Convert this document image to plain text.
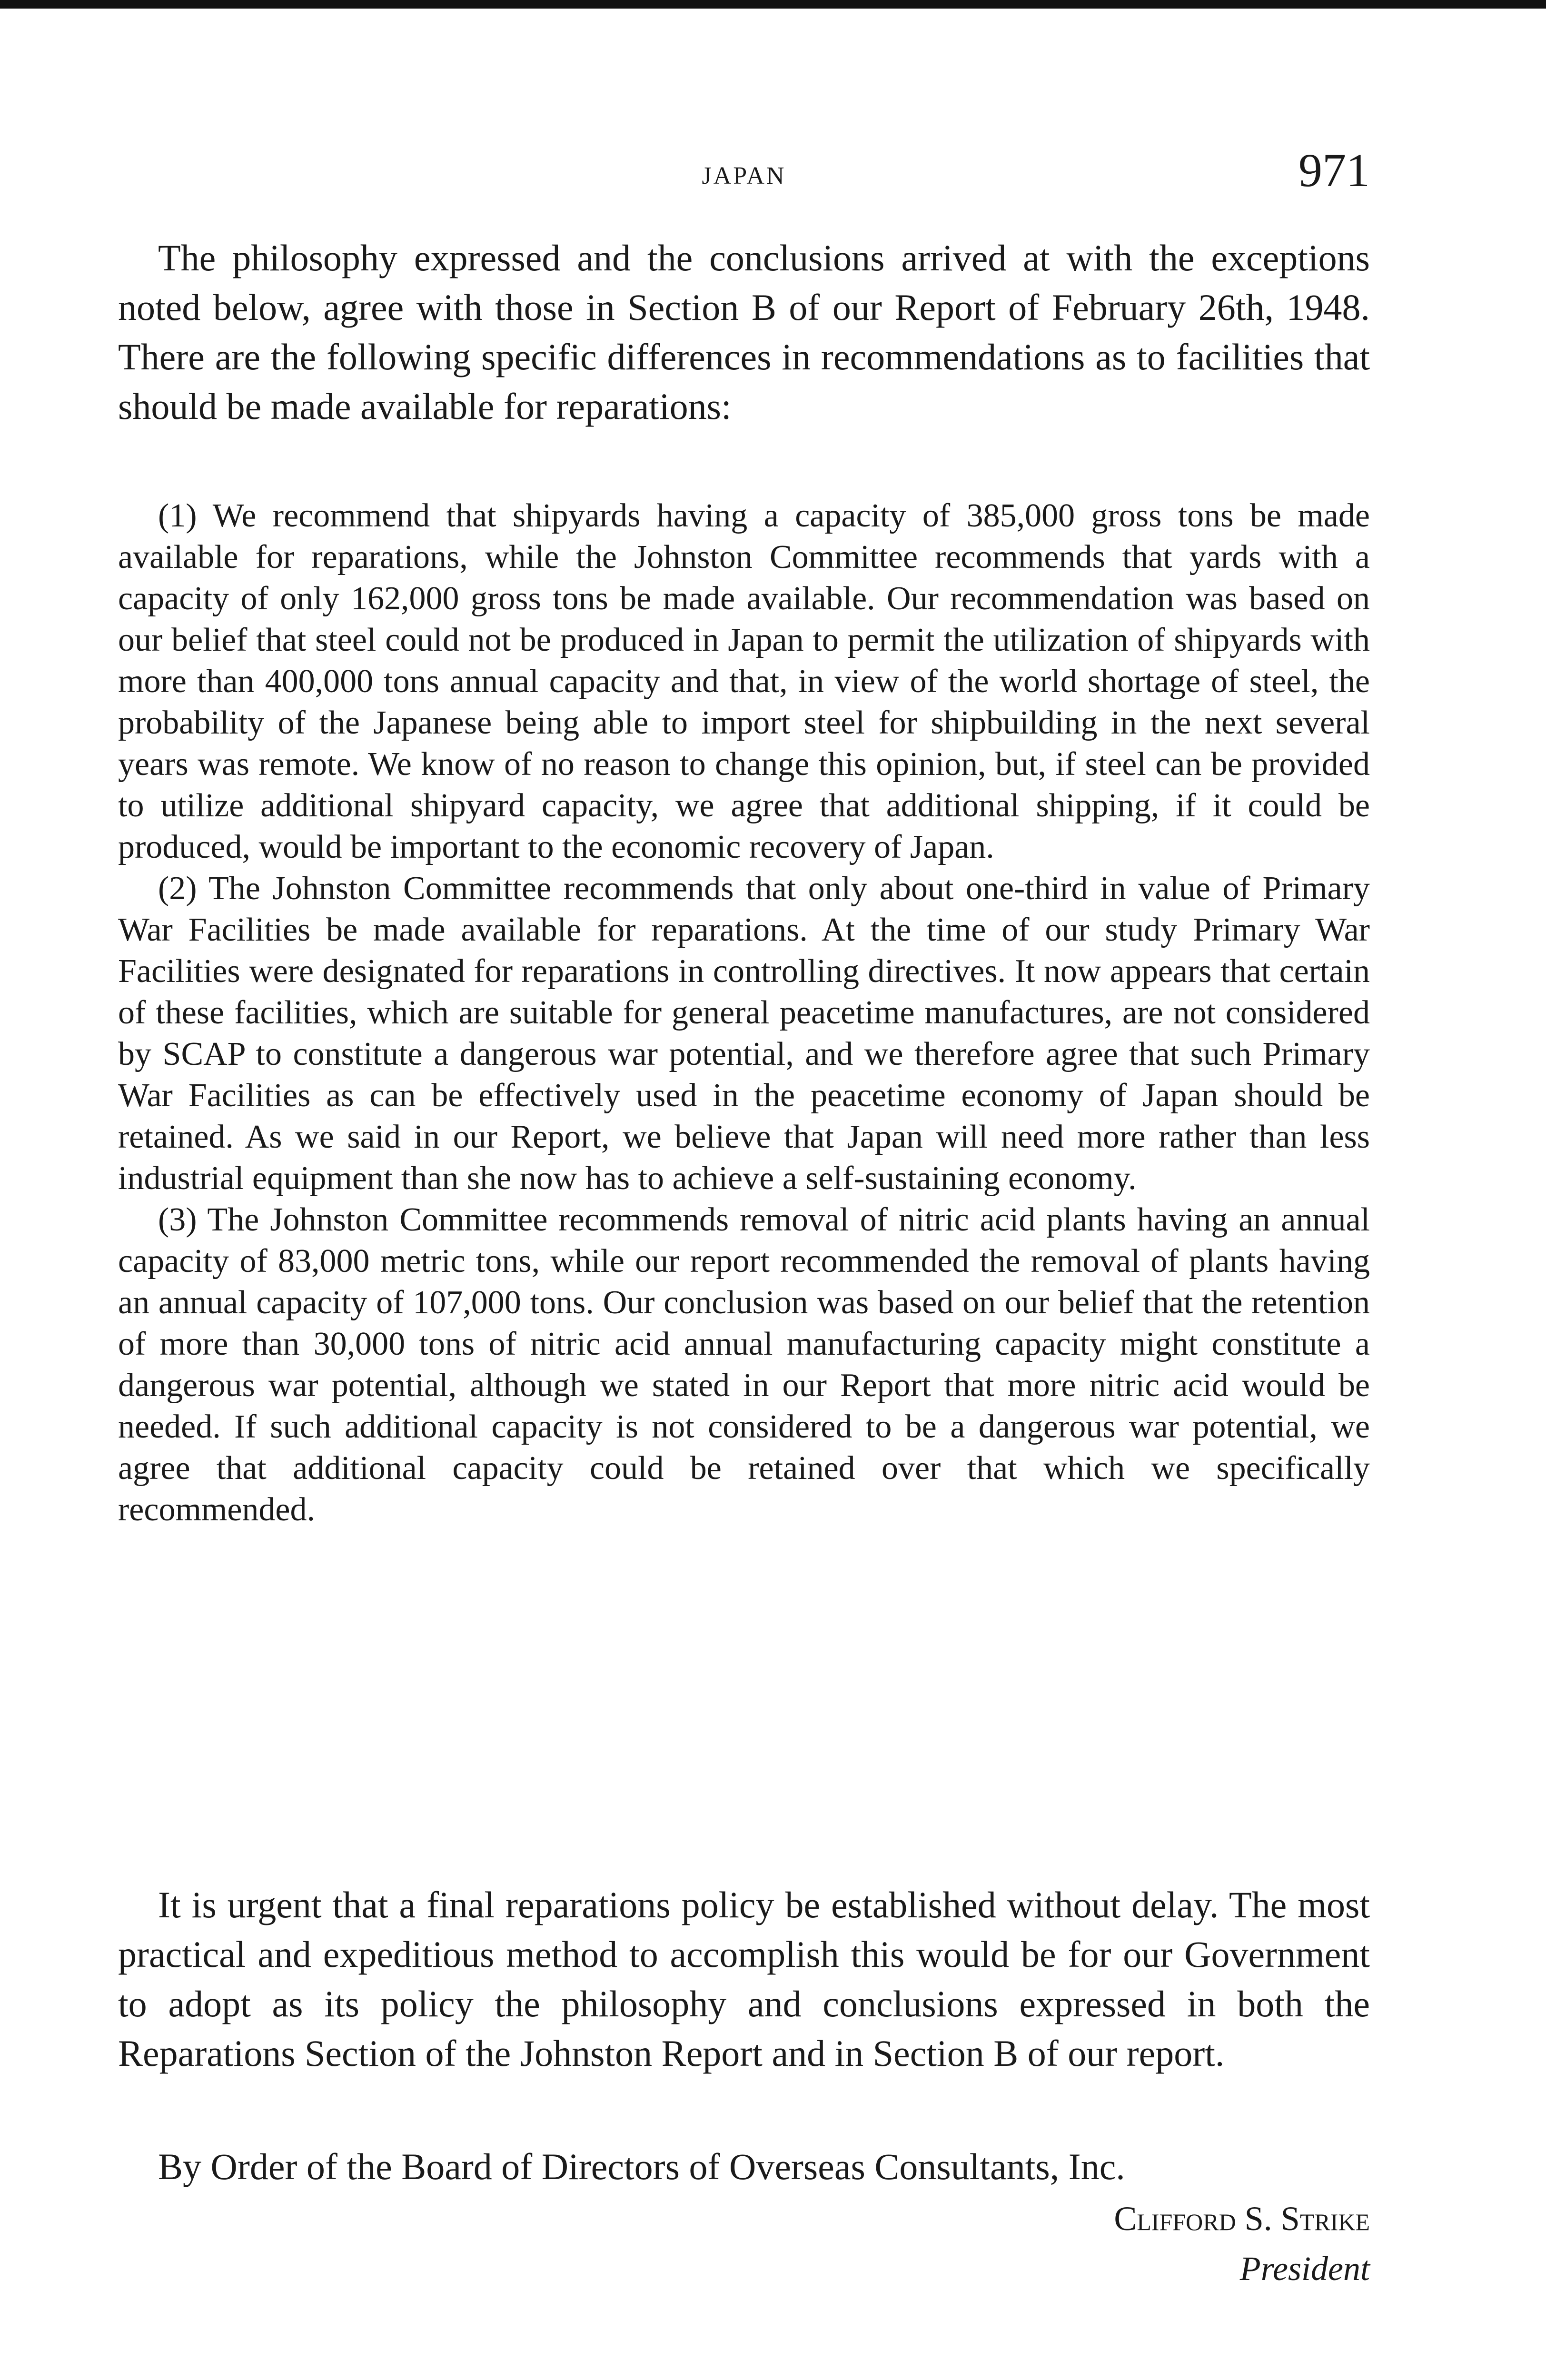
JAPAN	971

The philosophy expressed and the conclusions arrived at with the exceptions noted below, agree with those in Section B of our Report of February 26th, 1948. There are the following specific differences in recommendations as to facilities that should be made available for reparations:

(1) We recommend that shipyards having a capacity of 385,000 gross tons be made available for reparations, while the Johnston Committee recommends that yards with a capacity of only 162,000 gross tons be made available. Our recommendation was based on our belief that steel could not be produced in Japan to permit the utilization of shipyards with more than 400,000 tons annual capacity and that, in view of the world shortage of steel, the probability of the Japanese being able to import steel for shipbuilding in the next several years was remote. We know of no reason to change this opinion, but, if steel can be provided to utilize additional shipyard capacity, we agree that additional shipping, if it could be produced, would be important to the economic recovery of Japan.

(2) The Johnston Committee recommends that only about one-third in value of Primary War Facilities be made available for reparations. At the time of our study Primary War Facilities were designated for reparations in controlling directives. It now appears that certain of these facilities, which are suitable for general peacetime manufactures, are not considered by SCAP to constitute a dangerous war potential, and we therefore agree that such Primary War Facilities as can be effectively used in the peacetime economy of Japan should be retained. As we said in our Report, we believe that Japan will need more rather than less industrial equipment than she now has to achieve a self-sustaining economy.

(3) The Johnston Committee recommends removal of nitric acid plants having an annual capacity of 83,000 metric tons, while our report recommended the removal of plants having an annual capacity of 107,000 tons. Our conclusion was based on our belief that the retention of more than 30,000 tons of nitric acid annual manufacturing capacity might constitute a dangerous war potential, although we stated in our Report that more nitric acid would be needed. If such additional capacity is not considered to be a dangerous war potential, we agree that additional capacity could be retained over that which we specifically recommended.

It is urgent that a final reparations policy be established without delay. The most practical and expeditious method to accomplish this would be for our Government to adopt as its policy the philosophy and conclusions expressed in both the Reparations Section of the Johnston Report and in Section B of our report.

By Order of the Board of Directors of Overseas Consultants, Inc.

Clifford S. Strike
President
